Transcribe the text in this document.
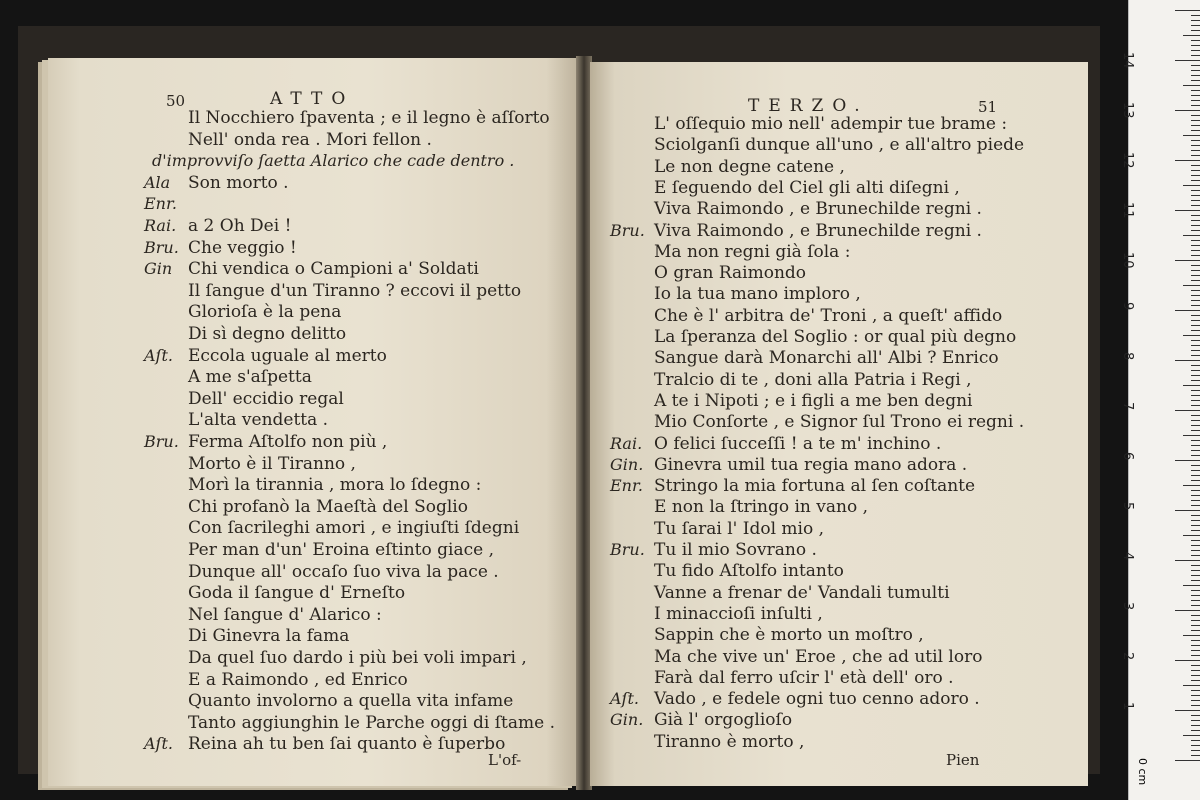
50	ATTO
Il Nocchiero ſpaventa ; e il legno è aſſorto
Nell' onda rea . Mori fellon .
d'improvviſo ſaetta Alarico che cade dentro .
Ala Son morto .
Enr.
Rai. a 2 Oh Dei !
Bru. Che veggio !
Gin Chi vendica o Campioni a' Soldati
Il ſangue d'un Tiranno ? eccovi il petto
Glorioſa è la pena
Di sì degno delitto
Aſt. Eccola uguale al merto
A me s'aſpetta
Dell' eccidio regal
L'alta vendetta .
Bru. Ferma Aſtolfo non più ,
Morto è il Tiranno ,
Morì la tirannia , mora lo ſdegno :
Chi profanò la Maeſtà del Soglio
Con ſacrileghi amori , e ingiuſti ſdegni
Per man d'un' Eroina eſtinto giace ,
Dunque all' occaſo ſuo viva la pace .
Goda il ſangue d' Erneſto
Nel ſangue d' Alarico :
Di Ginevra la fama
Da quel ſuo dardo i più bei voli impari ,
E a Raimondo , ed Enrico
Quanto involorno a quella vita infame
Tanto aggiunghin le Parche oggi di ſtame .
Aſt. Reina ah tu ben ſai quanto è ſuperbo
L'of-
TERZO.	51
L' oſſequio mio nell' adempir tue brame :
Sciolganſi dunque all'uno , e all'altro piede
Le non degne catene ,
E ſeguendo del Ciel gli alti diſegni ,
Viva Raimondo , e Brunechilde regni .
Bru. Viva Raimondo , e Brunechilde regni .
Ma non regni già ſola :
O gran Raimondo
Io la tua mano imploro ,
Che è l' arbitra de' Troni , a queſt' affido
La ſperanza del Soglio : or qual più degno
Sangue darà Monarchi all' Albi ? Enrico
Tralcio di te , doni alla Patria i Regi ,
A te i Nipoti ; e i figli a me ben degni
Mio Conſorte , e Signor ſul Trono ei regni .
Rai. O felici ſucceſſi ! a te m' inchino .
Gin. Ginevra umil tua regia mano adora .
Enr. Stringo la mia fortuna al ſen coſtante
E non la ſtringo in vano ,
Tu ſarai l' Idol mio ,
Bru. Tu il mio Sovrano .
Tu fido Aſtolfo intanto
Vanne a frenar de' Vandali tumulti
I minaccioſi inſulti ,
Sappin che è morto un moſtro ,
Ma che vive un' Eroe , che ad util loro
Farà dal ferro uſcir l' età dell' oro .
Aſt. Vado , e fedele ogni tuo cenno adoro .
Gin. Già l' orgoglioſo
Tiranno è morto ,
Pien
14
13
12
11
10
9
8
7
6
5
4
3
2
1
0 cm
